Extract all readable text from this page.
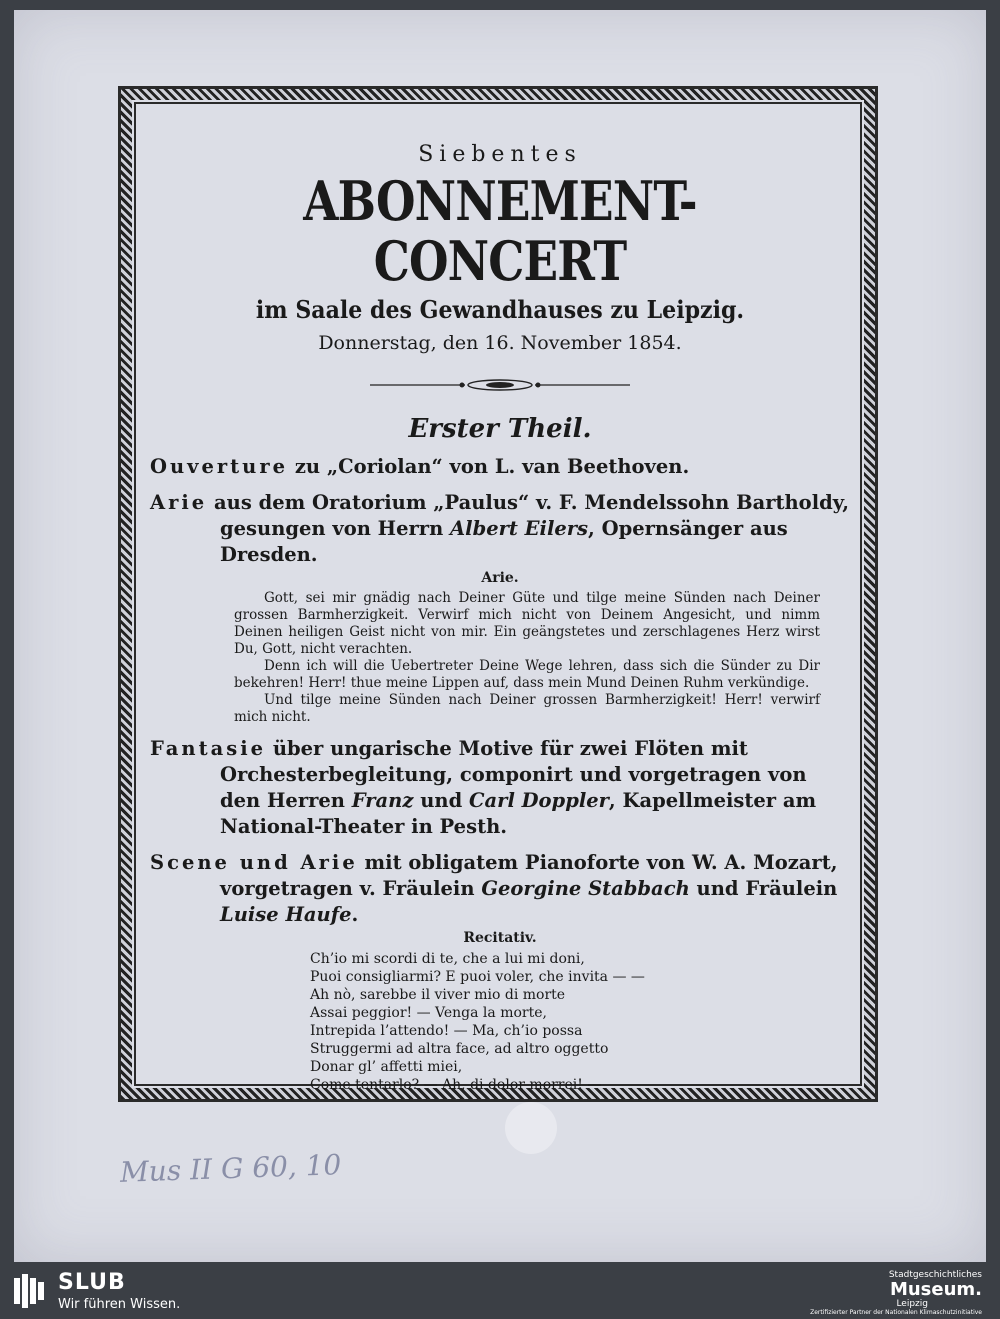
Siebentes
ABONNEMENT-CONCERT
im Saale des Gewandhauses zu Leipzig.
Donnerstag, den 16. November 1854.
Erster Theil.
Ouverture zu „Coriolan“ von L. van Beethoven.
Arie aus dem Oratorium „Paulus“ v. F. Mendelssohn Bartholdy, gesungen von Herrn Albert Eilers, Opernsänger aus Dresden.
Arie.

Gott, sei mir gnädig nach Deiner Güte und tilge meine Sünden nach Deiner grossen Barmherzigkeit. Verwirf mich nicht von Deinem Angesicht, und nimm Deinen heiligen Geist nicht von mir. Ein geängstetes und zerschlagenes Herz wirst Du, Gott, nicht verachten.

Denn ich will die Uebertreter Deine Wege lehren, dass sich die Sünder zu Dir bekehren! Herr! thue meine Lippen auf, dass mein Mund Deinen Ruhm verkündige.

Und tilge meine Sünden nach Deiner grossen Barmherzigkeit! Herr! verwirf mich nicht.

Fantasie über ungarische Motive für zwei Flöten mit Orchesterbegleitung, componirt und vorgetragen von den Herren Franz und Carl Doppler, Kapellmeister am National-Theater in Pesth.
Scene und Arie mit obligatem Pianoforte von W. A. Mozart, vorgetragen v. Fräulein Georgine Stabbach und Fräulein Luise Haufe.
Recitativ.
Ch’io mi scordi di te, che a lui mi doni,
Puoi consigliarmi? E puoi voler, che invita — —
Ah nò, sarebbe il viver mio di morte
Assai peggior! — Venga la morte,
Intrepida l’attendo! — Ma, ch’io possa
Struggermi ad altra face, ad altro oggetto
Donar gl’ affetti miei,
Come tentarlo? — Ah, di dolor morrei! —
Mus II G 60, 10
SLUB
Wir führen Wissen.
Stadtgeschichtliches
Museum.
Leipzig
Zertifizierter Partner der Nationalen Klimaschutzinitiative
